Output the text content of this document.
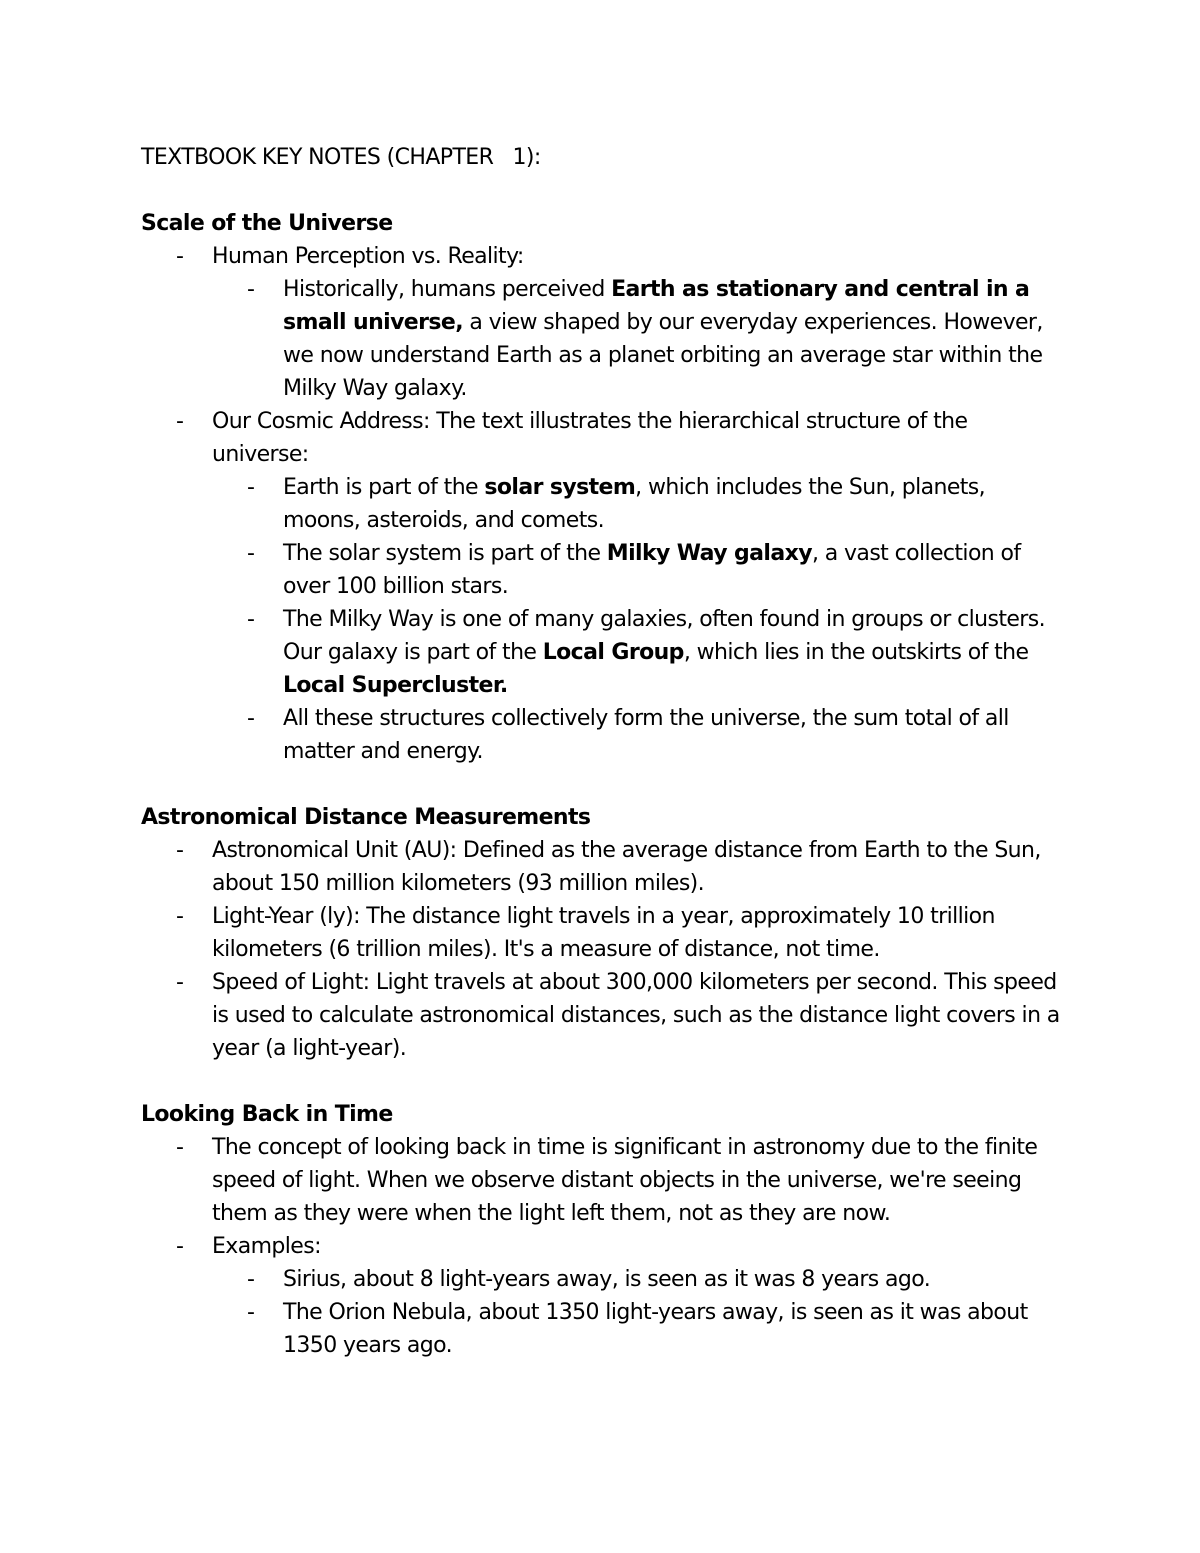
TEXTBOOK KEY NOTES (CHAPTER   1):

Scale of the Universe

- Human Perception vs. Reality:
- Historically, humans perceived Earth as stationary and central in a small universe, a view shaped by our everyday experiences. However, we now understand Earth as a planet orbiting an average star within the Milky Way galaxy.
- Our Cosmic Address: The text illustrates the hierarchical structure of the universe:
- Earth is part of the solar system, which includes the Sun, planets, moons, asteroids, and comets.
- The solar system is part of the Milky Way galaxy, a vast collection of over 100 billion stars.
- The Milky Way is one of many galaxies, often found in groups or clusters. Our galaxy is part of the Local Group, which lies in the outskirts of the Local Supercluster.
- All these structures collectively form the universe, the sum total of all matter and energy.

Astronomical Distance Measurements

- Astronomical Unit (AU): Defined as the average distance from Earth to the Sun, about 150 million kilometers (93 million miles).
- Light-Year (ly): The distance light travels in a year, approximately 10 trillion kilometers (6 trillion miles). It's a measure of distance, not time.
- Speed of Light: Light travels at about 300,000 kilometers per second. This speed is used to calculate astronomical distances, such as the distance light covers in a year (a light-year).

Looking Back in Time

- The concept of looking back in time is significant in astronomy due to the finite speed of light. When we observe distant objects in the universe, we're seeing them as they were when the light left them, not as they are now.
- Examples:
- Sirius, about 8 light-years away, is seen as it was 8 years ago.
- The Orion Nebula, about 1350 light-years away, is seen as it was about 1350 years ago.
